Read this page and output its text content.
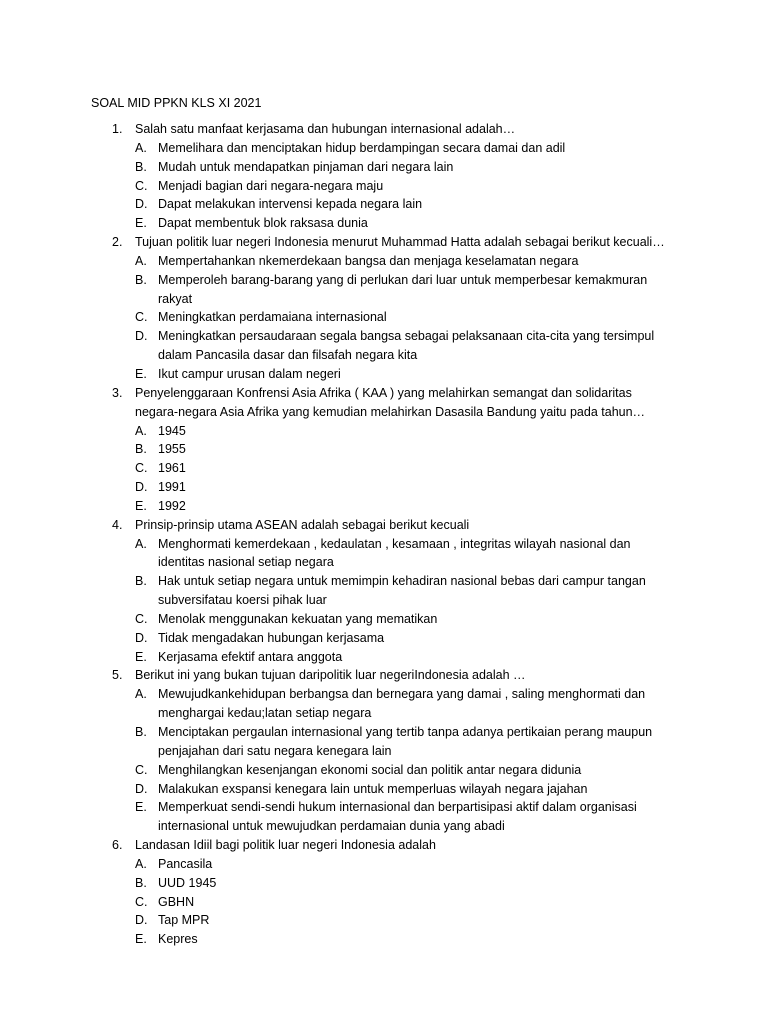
SOAL MID PPKN KLS XI 2021
1. Salah satu manfaat kerjasama dan hubungan internasional adalah…
A. Memelihara dan menciptakan hidup berdampingan secara damai dan adil
B. Mudah untuk mendapatkan pinjaman dari negara lain
C. Menjadi bagian dari negara-negara maju
D. Dapat melakukan intervensi kepada negara lain
E. Dapat membentuk blok raksasa dunia
2. Tujuan politik luar negeri Indonesia menurut Muhammad Hatta adalah sebagai berikut kecuali…
A. Mempertahankan nkemerdekaan bangsa dan menjaga keselamatan negara
B. Memperoleh barang-barang yang di perlukan dari luar untuk memperbesar kemakmuran rakyat
C. Meningkatkan perdamaiana internasional
D. Meningkatkan persaudaraan segala bangsa sebagai pelaksanaan cita-cita yang tersimpul dalam Pancasila dasar dan filsafah negara kita
E. Ikut campur urusan dalam negeri
3. Penyelenggaraan Konfrensi Asia Afrika ( KAA ) yang melahirkan semangat dan solidaritas negara-negara Asia Afrika yang kemudian melahirkan Dasasila Bandung yaitu pada tahun…
A. 1945
B. 1955
C. 1961
D. 1991
E. 1992
4. Prinsip-prinsip utama ASEAN adalah sebagai berikut kecuali
A. Menghormati kemerdekaan , kedaulatan , kesamaan , integritas wilayah nasional dan identitas nasional setiap negara
B. Hak untuk setiap negara untuk memimpin kehadiran nasional bebas dari campur tangan subversifatau koersi pihak luar
C. Menolak menggunakan kekuatan yang mematikan
D. Tidak mengadakan hubungan kerjasama
E. Kerjasama efektif antara anggota
5. Berikut ini yang bukan tujuan daripolitik luar negeriIndonesia adalah …
A. Mewujudkankehidupan berbangsa dan bernegara yang damai , saling menghormati dan menghargai kedau;latan setiap negara
B. Menciptakan pergaulan internasional yang tertib tanpa adanya pertikaian perang maupun penjajahan dari satu negara kenegara lain
C. Menghilangkan kesenjangan ekonomi social dan politik antar negara didunia
D. Malakukan exspansi kenegara lain untuk memperluas wilayah negara jajahan
E. Memperkuat sendi-sendi hukum internasional dan berpartisipasi aktif dalam organisasi internasional untuk mewujudkan perdamaian dunia yang abadi
6. Landasan Idiil bagi politik luar negeri Indonesia adalah
A. Pancasila
B. UUD 1945
C. GBHN
D. Tap MPR
E. Kepres
